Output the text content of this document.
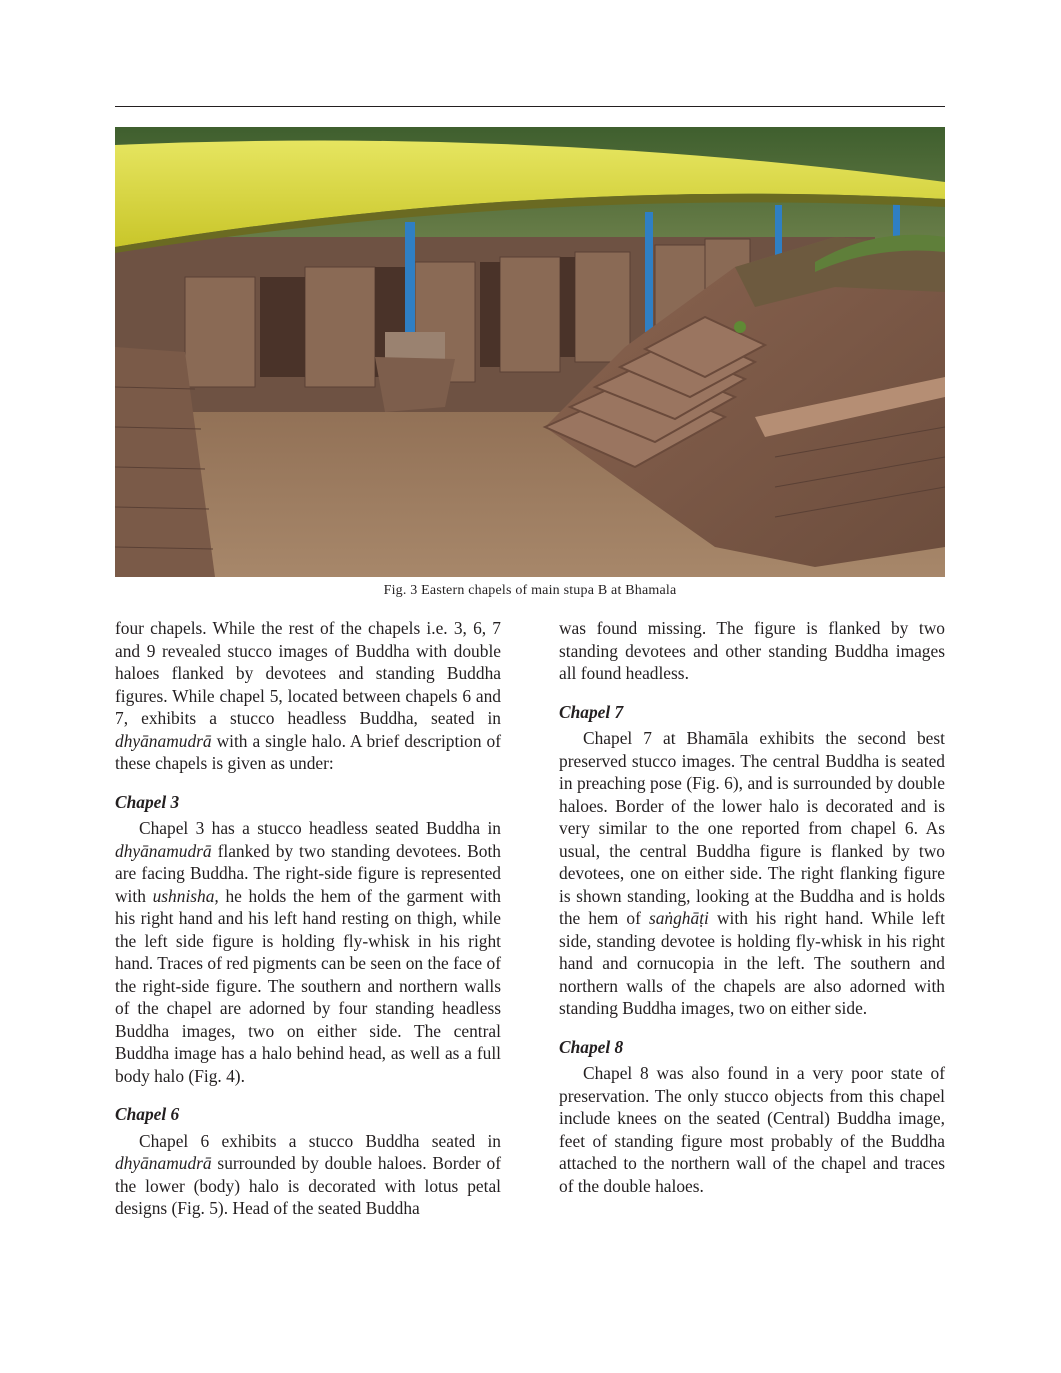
Fig. 3 Eastern chapels of main stupa B at Bhamala

four chapels. While the rest of the chapels i.e. 3, 6, 7 and 9 revealed stucco images of Buddha with double haloes flanked by devotees and standing Buddha figures. While chapel 5, located between chapels 6 and 7, exhibits a stucco headless Buddha, seated in dhyānamudrā with a single halo. A brief description of these chapels is given as under:

Chapel 3

Chapel 3 has a stucco headless seated Buddha in dhyānamudrā flanked by two standing devotees. Both are facing Buddha. The right-side figure is represented with ushnisha, he holds the hem of the garment with his right hand and his left hand resting on thigh, while the left side figure is holding fly-whisk in his right hand. Traces of red pigments can be seen on the face of the right-side figure. The southern and northern walls of the chapel are adorned by four standing headless Buddha images, two on either side. The central Buddha image has a halo behind head, as well as a full body halo (Fig. 4).

Chapel 6

Chapel 6 exhibits a stucco Buddha seated in dhyānamudrā surrounded by double haloes. Border of the lower (body) halo is decorated with lotus petal designs (Fig. 5). Head of the seated Buddha

was found missing. The figure is flanked by two standing devotees and other standing Buddha images all found headless.

Chapel 7

Chapel 7 at Bhamāla exhibits the second best preserved stucco images. The central Buddha is seated in preaching pose (Fig. 6), and is surrounded by double haloes. Border of the lower halo is decorated and is very similar to the one reported from chapel 6. As usual, the central Buddha figure is flanked by two devotees, one on either side. The right flanking figure is shown standing, looking at the Buddha and is holds the hem of saṅghāṭi with his right hand. While left side, standing devotee is holding fly-whisk in his right hand and cornucopia in the left. The southern and northern walls of the chapels are also adorned with standing Buddha images, two on either side.

Chapel 8

Chapel 8 was also found in a very poor state of preservation. The only stucco objects from this chapel include knees on the seated (Central) Buddha image, feet of standing figure most probably of the Buddha attached to the northern wall of the chapel and traces of the double haloes.
